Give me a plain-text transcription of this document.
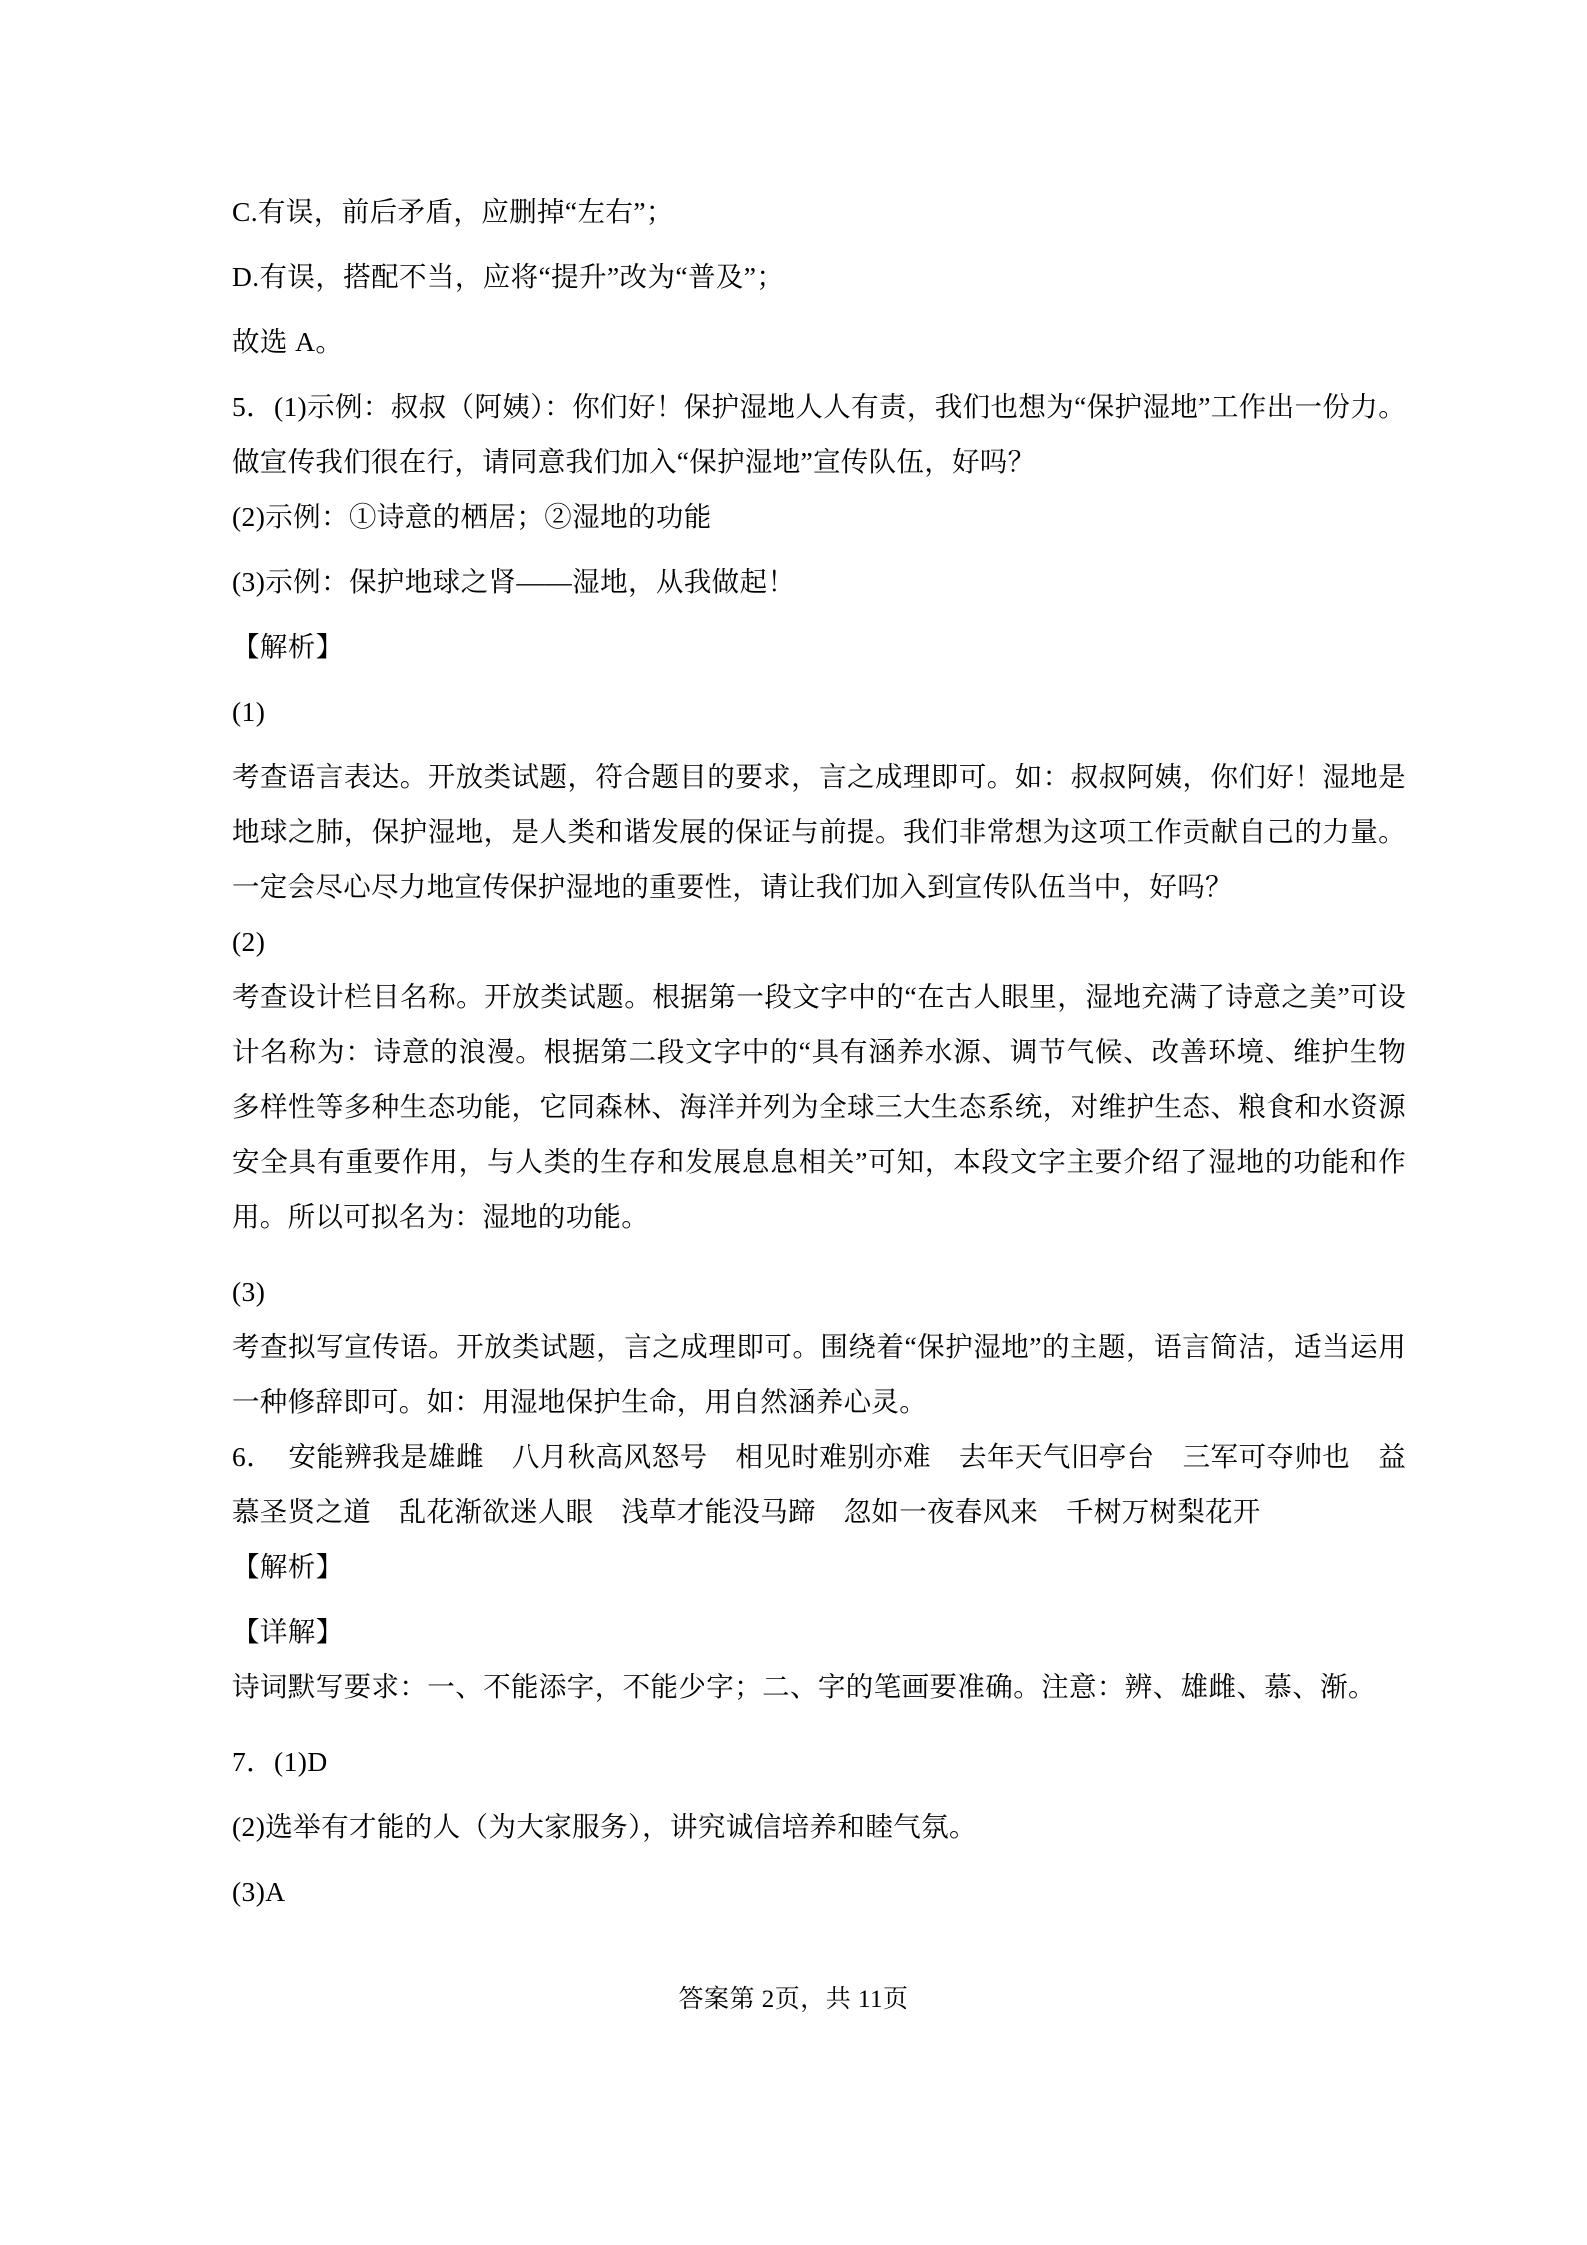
C.有误，前后矛盾，应删掉“左右”；

D.有误，搭配不当，应将“提升”改为“普及”；

故选 A。

5．(1)示例：叔叔（阿姨）：你们好！保护湿地人人有责，我们也想为“保护湿地”工作出一份力。做宣传我们很在行，请同意我们加入“保护湿地”宣传队伍，好吗？

(2)示例：①诗意的栖居；②湿地的功能

(3)示例：保护地球之肾——湿地，从我做起！

【解析】

(1)

考查语言表达。开放类试题，符合题目的要求，言之成理即可。如：叔叔阿姨，你们好！湿地是地球之肺，保护湿地，是人类和谐发展的保证与前提。我们非常想为这项工作贡献自己的力量。一定会尽心尽力地宣传保护湿地的重要性，请让我们加入到宣传队伍当中，好吗？

(2)

考查设计栏目名称。开放类试题。根据第一段文字中的“在古人眼里，湿地充满了诗意之美”可设计名称为：诗意的浪漫。根据第二段文字中的“具有涵养水源、调节气候、改善环境、维护生物多样性等多种生态功能，它同森林、海洋并列为全球三大生态系统，对维护生态、粮食和水资源安全具有重要作用，与人类的生存和发展息息相关”可知，本段文字主要介绍了湿地的功能和作用。所以可拟名为：湿地的功能。

(3)

考查拟写宣传语。开放类试题，言之成理即可。围绕着“保护湿地”的主题，语言简洁，适当运用一种修辞即可。如：用湿地保护生命，用自然涵养心灵。

6．　安能辨我是雄雌　八月秋高风怒号　相见时难别亦难　去年天气旧亭台　三军可夺帅也　益慕圣贤之道　乱花渐欲迷人眼　浅草才能没马蹄　忽如一夜春风来　千树万树梨花开

【解析】

【详解】

诗词默写要求：一、不能添字，不能少字；二、字的笔画要准确。注意：辨、雄雌、慕、渐。

7．(1)D

(2)选举有才能的人（为大家服务），讲究诚信培养和睦气氛。

(3)A

答案第 2页，共 11页
